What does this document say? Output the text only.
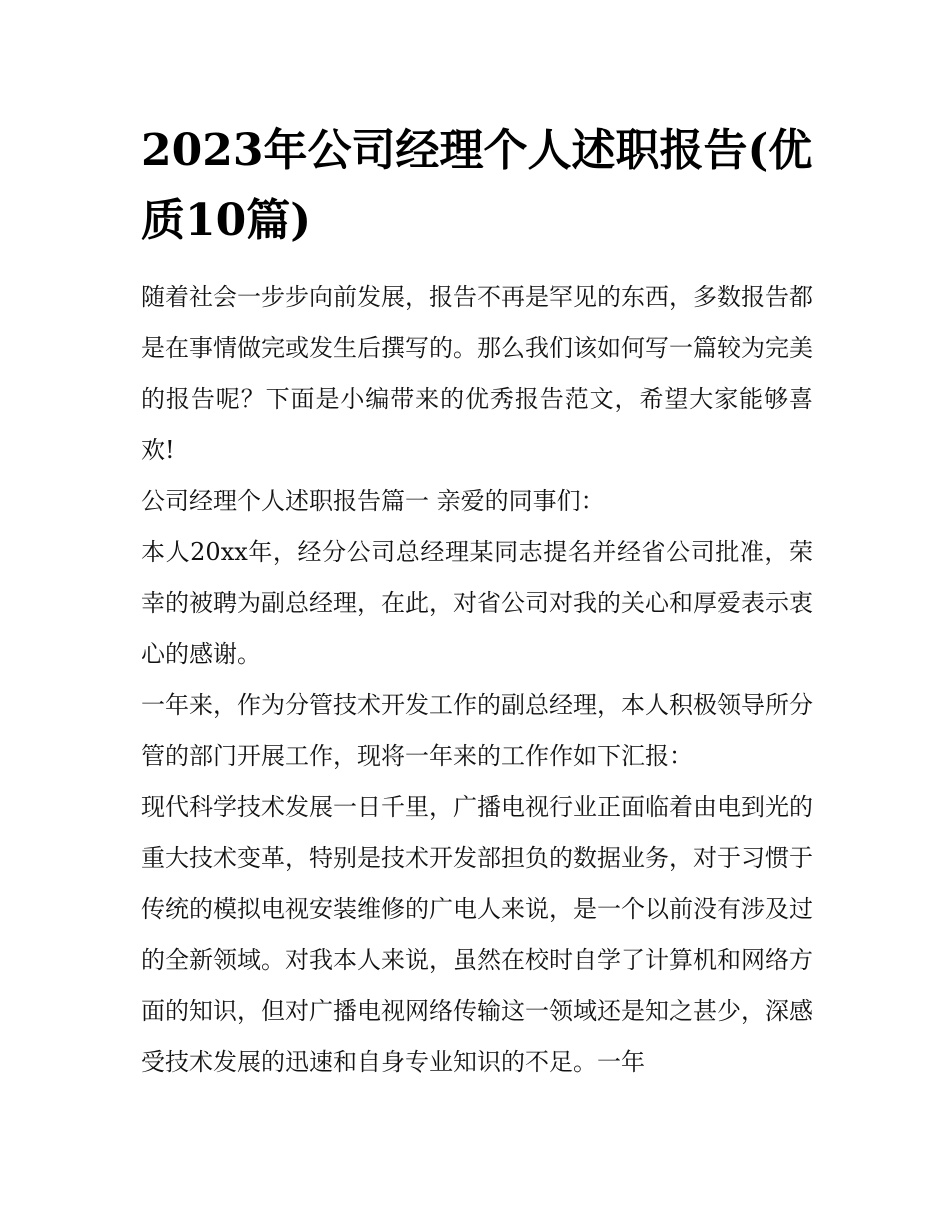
2023年公司经理个人述职报告(优质10篇)

随着社会一步步向前发展，报告不再是罕见的东西，多数报告都是在事情做完或发生后撰写的。那么我们该如何写一篇较为完美的报告呢？下面是小编带来的优秀报告范文，希望大家能够喜欢!

公司经理个人述职报告篇一 亲爱的同事们：

本人20xx年，经分公司总经理某同志提名并经省公司批准，荣幸的被聘为副总经理，在此，对省公司对我的关心和厚爱表示衷心的感谢。

一年来，作为分管技术开发工作的副总经理，本人积极领导所分管的部门开展工作，现将一年来的工作作如下汇报：

现代科学技术发展一日千里，广播电视行业正面临着由电到光的重大技术变革，特别是技术开发部担负的数据业务，对于习惯于传统的模拟电视安装维修的广电人来说，是一个以前没有涉及过的全新领域。对我本人来说，虽然在校时自学了计算机和网络方面的知识，但对广播电视网络传输这一领域还是知之甚少，深感受技术发展的迅速和自身专业知识的不足。一年
